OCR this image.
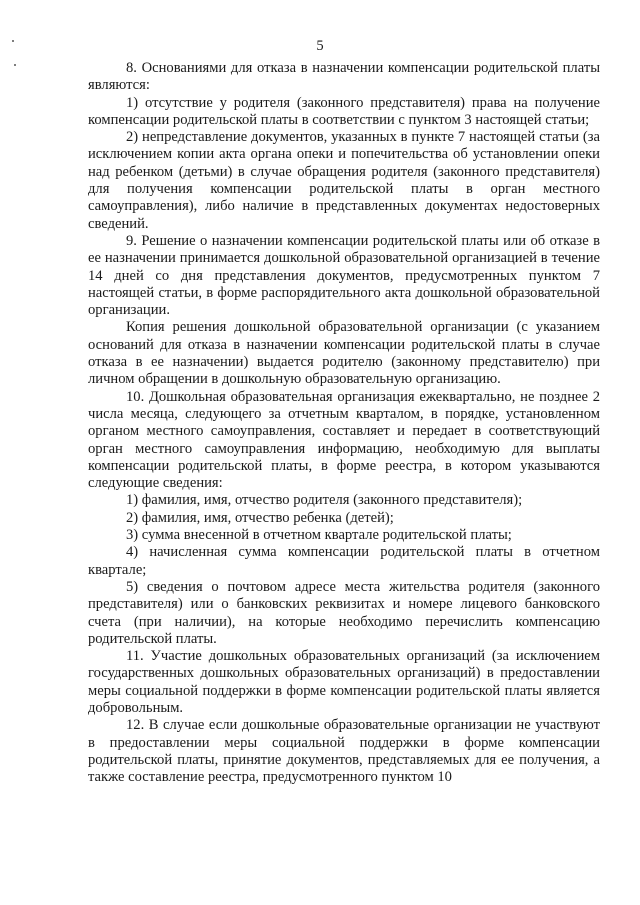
5

8. Основаниями для отказа в назначении компенсации родительской платы являются:

1) отсутствие у родителя (законного представителя) права на получение компенсации родительской платы в соответствии с пунктом 3 настоящей статьи;

2) непредставление документов, указанных в пункте 7 настоящей статьи (за исключением копии акта органа опеки и попечительства об установлении опеки над ребенком (детьми) в случае обращения родителя (законного представителя) для получения компенсации родительской платы в орган местного самоуправления), либо наличие в представленных документах недостоверных сведений.

9. Решение о назначении компенсации родительской платы или об отказе в ее назначении принимается дошкольной образовательной организацией в течение 14 дней со дня представления документов, предусмотренных пунктом 7 настоящей статьи, в форме распорядительного акта дошкольной образовательной организации.

Копия решения дошкольной образовательной организации (с указанием оснований для отказа в назначении компенсации родительской платы в случае отказа в ее назначении) выдается родителю (законному представителю) при личном обращении в дошкольную образовательную организацию.

10. Дошкольная образовательная организация ежеквартально, не позднее 2 числа месяца, следующего за отчетным кварталом, в порядке, установленном органом местного самоуправления, составляет и передает в соответствующий орган местного самоуправления информацию, необходимую для выплаты компенсации родительской платы, в форме реестра, в котором указываются следующие сведения:

1) фамилия, имя, отчество родителя (законного представителя);

2) фамилия, имя, отчество ребенка (детей);

3) сумма внесенной в отчетном квартале родительской платы;

4) начисленная сумма компенсации родительской платы в отчетном квартале;

5) сведения о почтовом адресе места жительства родителя (законного представителя) или о банковских реквизитах и номере лицевого банковского счета (при наличии), на которые необходимо перечислить компенсацию родительской платы.

11. Участие дошкольных образовательных организаций (за исключением государственных дошкольных образовательных организаций) в предоставлении меры социальной поддержки в форме компенсации родительской платы является добровольным.

12. В случае если дошкольные образовательные организации не участвуют в предоставлении меры социальной поддержки в форме компенсации родительской платы, принятие документов, представляемых для ее получения, а также составление реестра, предусмотренного пунктом 10
